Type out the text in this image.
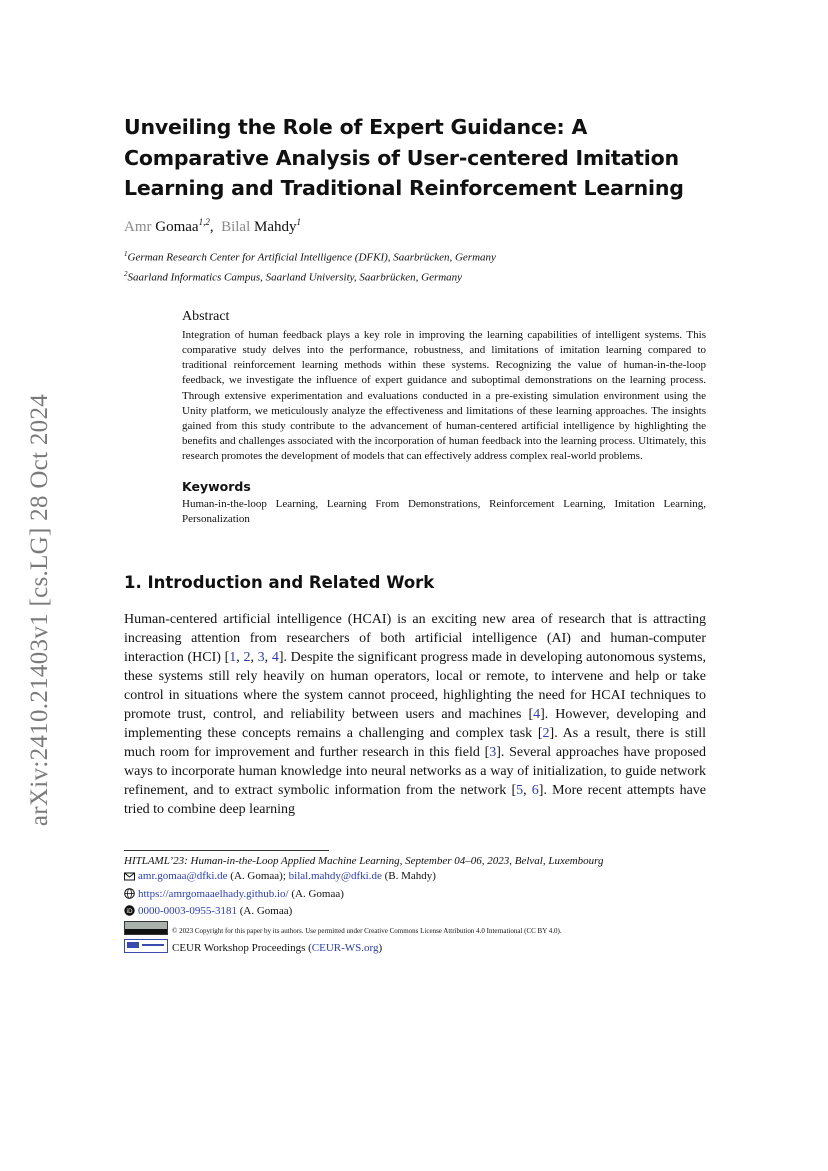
arXiv:2410.21403v1 [cs.LG] 28 Oct 2024
Unveiling the Role of Expert Guidance: A Comparative Analysis of User-centered Imitation Learning and Traditional Reinforcement Learning
Amr Gomaa$^{1,2}$,  Bilal Mahdy$^1$
$^1$German Research Center for Artificial Intelligence (DFKI), Saarbrücken, Germany
$^2$Saarland Informatics Campus, Saarland University, Saarbrücken, Germany
Abstract

Integration of human feedback plays a key role in improving the learning capabilities of intelligent systems. This comparative study delves into the performance, robustness, and limitations of imitation learning compared to traditional reinforcement learning methods within these systems. Recognizing the value of human-in-the-loop feedback, we investigate the influence of expert guidance and suboptimal demonstrations on the learning process. Through extensive experimentation and evaluations conducted in a pre-existing simulation environment using the Unity platform, we meticulously analyze the effectiveness and limitations of these learning approaches. The insights gained from this study contribute to the advancement of human-centered artificial intelligence by highlighting the benefits and challenges associated with the incorporation of human feedback into the learning process. Ultimately, this research promotes the development of models that can effectively address complex real-world problems.

Keywords

Human-in-the-loop Learning, Learning From Demonstrations, Reinforcement Learning, Imitation Learning, Personalization

1. Introduction and Related Work
Human-centered artificial intelligence (HCAI) is an exciting new area of research that is attracting increasing attention from researchers of both artificial intelligence (AI) and human-computer interaction (HCI) [1, 2, 3, 4]. Despite the significant progress made in developing autonomous systems, these systems still rely heavily on human operators, local or remote, to intervene and help or take control in situations where the system cannot proceed, highlighting the need for HCAI techniques to promote trust, control, and reliability between users and machines [4]. However, developing and implementing these concepts remains a challenging and complex task [2]. As a result, there is still much room for improvement and further research in this field [3]. Several approaches have proposed ways to incorporate human knowledge into neural networks as a way of initialization, to guide network refinement, and to extract symbolic information from the network [5, 6]. More recent attempts have tried to combine deep learning
HITLAML’23: Human-in-the-Loop Applied Machine Learning, September 04–06, 2023, Belval, Luxembourg
amr.gomaa@dfki.de (A. Gomaa); bilal.mahdy@dfki.de (B. Mahdy)
https://amrgomaaelhady.github.io/ (A. Gomaa)
iD 0000-0003-0955-3181 (A. Gomaa)
© 2023 Copyright for this paper by its authors. Use permitted under Creative Commons License Attribution 4.0 International (CC BY 4.0).
CEUR Workshop Proceedings (CEUR-WS.org)
